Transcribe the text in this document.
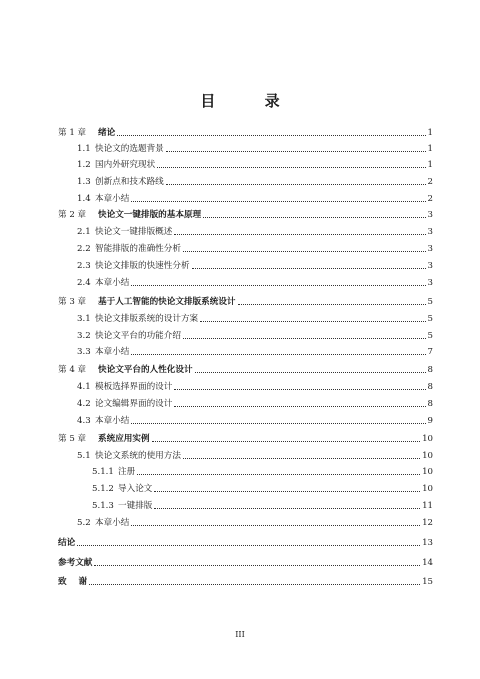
目 录
第 1 章	绪论	1
1.1 快论文的选题背景	1
1.2 国内外研究现状	1
1.3 创新点和技术路线	2
1.4 本章小结	2
第 2 章	快论文一键排版的基本原理	3
2.1 快论文一键排版概述	3
2.2 智能排版的准确性分析	3
2.3 快论文排版的快速性分析	3
2.4 本章小结	3
第 3 章	基于人工智能的快论文排版系统设计	5
3.1 快论文排版系统的设计方案	5
3.2 快论文平台的功能介绍	5
3.3 本章小结	7
第 4 章	快论文平台的人性化设计	8
4.1 模板选择界面的设计	8
4.2 论文编辑界面的设计	8
4.3 本章小结	9
第 5 章	系统应用实例	10
5.1 快论文系统的使用方法	10
5.1.1 注册	10
5.1.2 导入论文	10
5.1.3 一键排版	11
5.2 本章小结	12
结论	13
参考文献	14
致    谢	15
III
